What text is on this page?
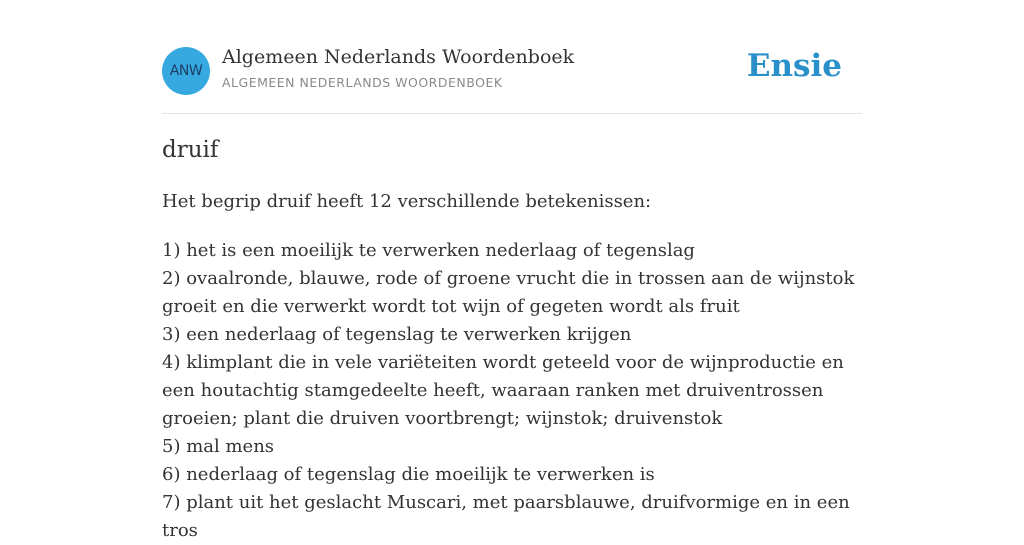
ANW
Algemeen Nederlands Woordenboek
ALGEMEEN NEDERLANDS WOORDENBOEK	Ensie
druif

Het begrip druif heeft 12 verschillende betekenissen:

1) het is een moeilijk te verwerken nederlaag of tegenslag
2) ovaalronde, blauwe, rode of groene vrucht die in trossen aan de wijnstok groeit en die verwerkt wordt tot wijn of gegeten wordt als fruit
3) een nederlaag of tegenslag te verwerken krijgen
4) klimplant die in vele variëteiten wordt geteeld voor de wijnproductie en een houtachtig stamgedeelte heeft, waaraan ranken met druiventrossen groeien; plant die druiven voortbrengt; wijnstok; druivenstok
5) mal mens
6) nederlaag of tegenslag die moeilijk te verwerken is
7) plant uit het geslacht Muscari, met paarsblauwe, druifvormige en in een tros
